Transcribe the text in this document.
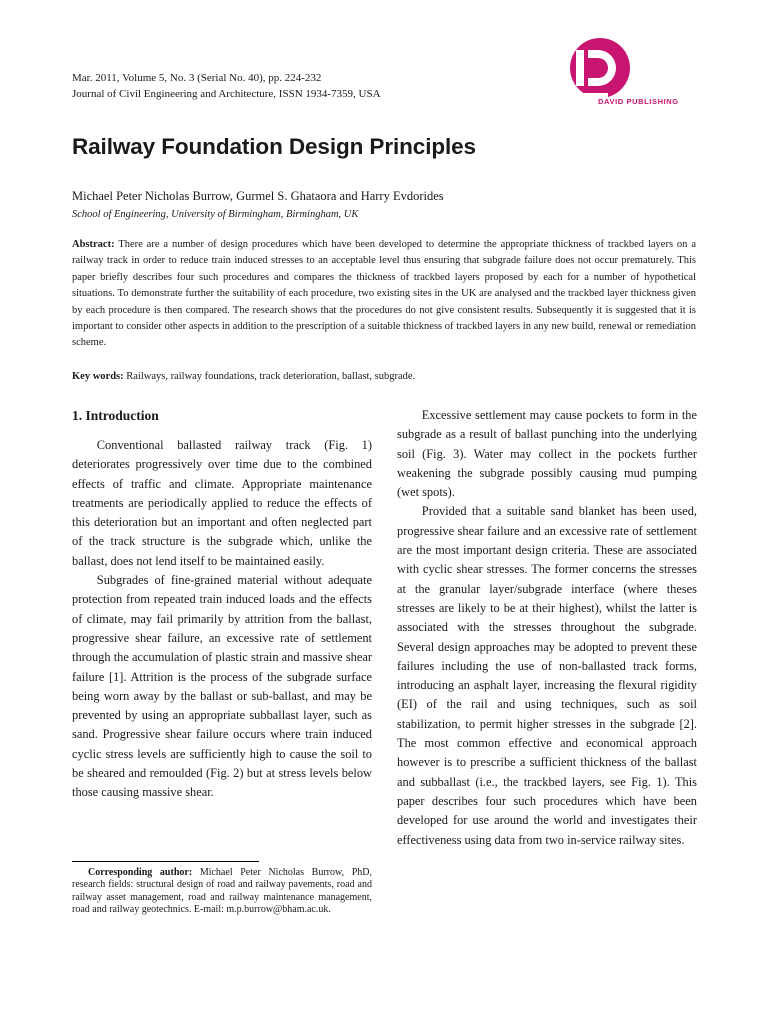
Mar. 2011, Volume 5, No. 3 (Serial No. 40), pp. 224-232
Journal of Civil Engineering and Architecture, ISSN 1934-7359, USA
DAVID PUBLISHING
Railway Foundation Design Principles
Michael Peter Nicholas Burrow, Gurmel S. Ghataora and Harry Evdorides
School of Engineering, University of Birmingham, Birmingham, UK
Abstract: There are a number of design procedures which have been developed to determine the appropriate thickness of trackbed layers on a railway track in order to reduce train induced stresses to an acceptable level thus ensuring that subgrade failure does not occur prematurely. This paper briefly describes four such procedures and compares the thickness of trackbed layers proposed by each for a number of hypothetical situations. To demonstrate further the suitability of each procedure, two existing sites in the UK are analysed and the trackbed layer thickness given by each procedure is then compared. The research shows that the procedures do not give consistent results. Subsequently it is suggested that it is important to consider other aspects in addition to the prescription of a suitable thickness of trackbed layers in any new build, renewal or remediation scheme.
Key words: Railways, railway foundations, track deterioration, ballast, subgrade.
1. Introduction

Conventional ballasted railway track (Fig. 1) deteriorates progressively over time due to the combined effects of traffic and climate. Appropriate maintenance treatments are periodically applied to reduce the effects of this deterioration but an important and often neglected part of the track structure is the subgrade which, unlike the ballast, does not lend itself to be maintained easily.

Subgrades of fine-grained material without adequate protection from repeated train induced loads and the effects of climate, may fail primarily by attrition from the ballast, progressive shear failure, an excessive rate of settlement through the accumulation of plastic strain and massive shear failure [1]. Attrition is the process of the subgrade surface being worn away by the ballast or sub-ballast, and may be prevented by using an appropriate subballast layer, such as sand. Progressive shear failure occurs where train induced cyclic stress levels are sufficiently high to cause the soil to be sheared and remoulded (Fig. 2) but at stress levels below those causing massive shear.

Excessive settlement may cause pockets to form in the subgrade as a result of ballast punching into the underlying soil (Fig. 3). Water may collect in the pockets further weakening the subgrade possibly causing mud pumping (wet spots).

Provided that a suitable sand blanket has been used, progressive shear failure and an excessive rate of settlement are the most important design criteria. These are associated with cyclic shear stresses. The former concerns the stresses at the granular layer/subgrade interface (where theses stresses are likely to be at their highest), whilst the latter is associated with the stresses throughout the subgrade. Several design approaches may be adopted to prevent these failures including the use of non-ballasted track forms, introducing an asphalt layer, increasing the flexural rigidity (EI) of the rail and using techniques, such as soil stabilization, to permit higher stresses in the subgrade [2]. The most common effective and economical approach however is to prescribe a sufficient thickness of the ballast and subballast (i.e., the trackbed layers, see Fig. 1). This paper describes four such procedures which have been developed for use around the world and investigates their effectiveness using data from two in-service railway sites.

Corresponding author: Michael Peter Nicholas Burrow, PhD, research fields: structural design of road and railway pavements, road and railway asset management, road and railway maintenance management, road and railway geotechnics. E-mail: m.p.burrow@bham.ac.uk.
